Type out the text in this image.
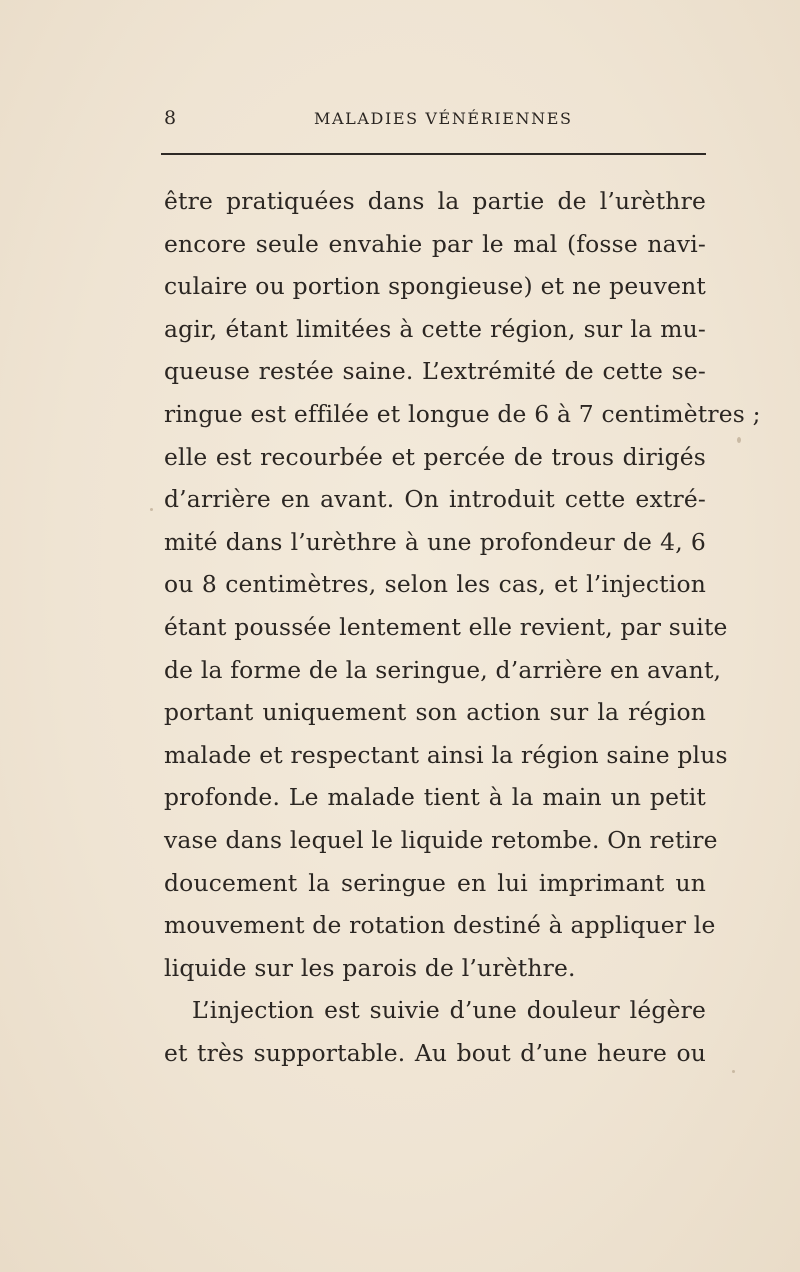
8	MALADIES VÉNÉRIENNES
être pratiquées dans la partie de l’urèthre
encore seule envahie par le mal (fosse navi-
culaire ou portion spongieuse) et ne peuvent
agir, étant limitées à cette région, sur la mu-
queuse restée saine. L’extrémité de cette se-
ringue est effilée et longue de 6 à 7 centimètres ;
elle est recourbée et percée de trous dirigés
d’arrière en avant. On introduit cette extré-
mité dans l’urèthre à une profondeur de 4, 6
ou 8 centimètres, selon les cas, et l’injection
étant poussée lentement elle revient, par suite
de la forme de la seringue, d’arrière en avant,
portant uniquement son action sur la région
malade et respectant ainsi la région saine plus
profonde. Le malade tient à la main un petit
vase dans lequel le liquide retombe. On retire
doucement la seringue en lui imprimant un
mouvement de rotation destiné à appliquer le
liquide sur les parois de l’urèthre.
L’injection est suivie d’une douleur légère
et très supportable. Au bout d’une heure ou
